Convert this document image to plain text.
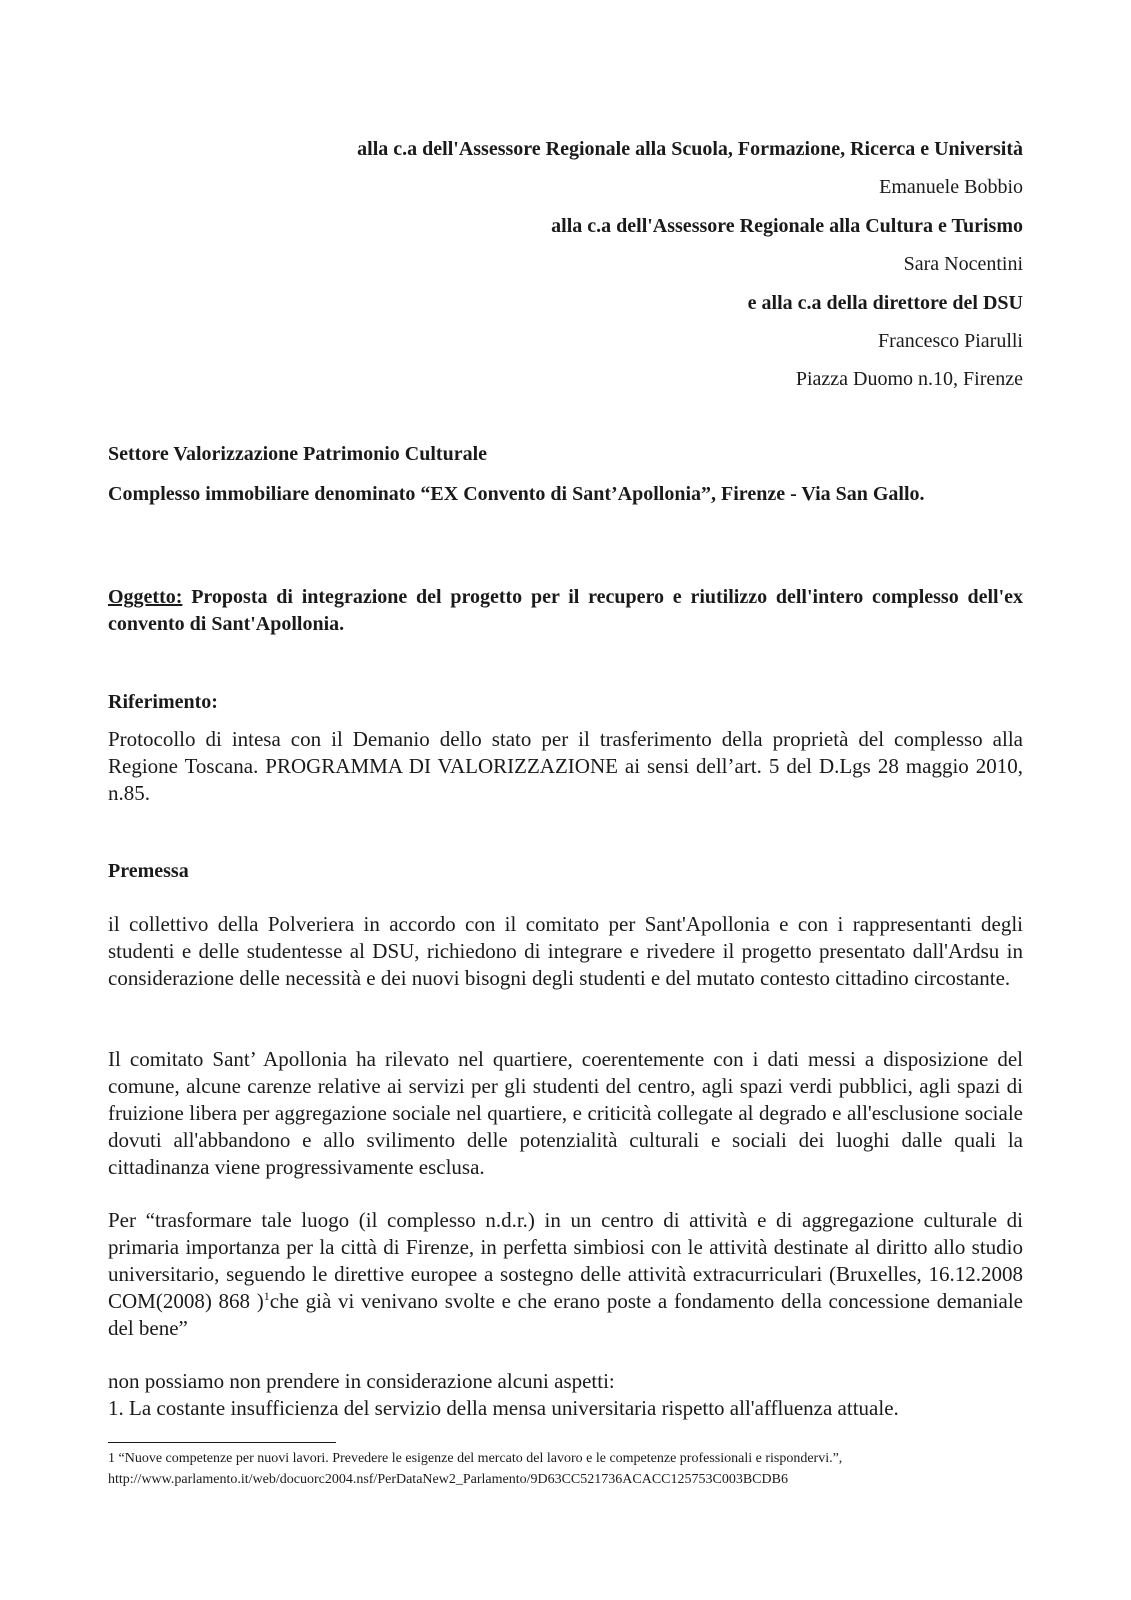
alla c.a dell'Assessore Regionale alla Scuola, Formazione, Ricerca e Università
Emanuele Bobbio
alla c.a dell'Assessore Regionale alla Cultura e Turismo
Sara Nocentini
e alla c.a della direttore del DSU
Francesco Piarulli
Piazza Duomo n.10, Firenze

Settore Valorizzazione Patrimonio Culturale

Complesso immobiliare denominato “EX Convento di Sant’Apollonia”, Firenze - Via San Gallo.

Oggetto: Proposta di integrazione del progetto per il recupero e riutilizzo dell'intero complesso dell'ex convento di Sant'Apollonia.

Riferimento:

Protocollo di intesa con il Demanio dello stato per il trasferimento della proprietà del complesso alla Regione Toscana. PROGRAMMA DI VALORIZZAZIONE ai sensi dell’art. 5 del D.Lgs 28 maggio 2010, n.85.

Premessa

il collettivo della Polveriera in accordo con il comitato per Sant'Apollonia e con i rappresentanti degli studenti e delle studentesse al DSU, richiedono di integrare e rivedere il progetto presentato dall'Ardsu in considerazione delle necessità e dei nuovi bisogni degli studenti e del mutato contesto cittadino circostante.

Il comitato Sant’ Apollonia ha rilevato nel quartiere, coerentemente con i dati messi a disposizione del comune, alcune carenze relative ai servizi per gli studenti del centro, agli spazi verdi pubblici, agli spazi di fruizione libera per aggregazione sociale nel quartiere, e criticità collegate al degrado e all'esclusione sociale dovuti all'abbandono e allo svilimento delle potenzialità culturali e sociali dei luoghi dalle quali la cittadinanza viene progressivamente esclusa.

Per “trasformare tale luogo (il complesso n.d.r.) in un centro di attività e di aggregazione culturale di primaria importanza per la città di Firenze, in perfetta simbiosi con le attività destinate al diritto allo studio universitario, seguendo le direttive europee a sostegno delle attività extracurriculari (Bruxelles, 16.12.2008 COM(2008) 868 )$^1$che già vi venivano svolte e che erano poste a fondamento della concessione demaniale del bene”

non possiamo non prendere in considerazione alcuni aspetti:
1. La costante insufficienza del servizio della mensa universitaria rispetto all'affluenza attuale.
1 “Nuove competenze per nuovi lavori. Prevedere le esigenze del mercato del lavoro e le competenze professionali e rispondervi.”,
http://www.parlamento.it/web/docuorc2004.nsf/PerDataNew2_Parlamento/9D63CC521736ACACC125753C003BCDB6
